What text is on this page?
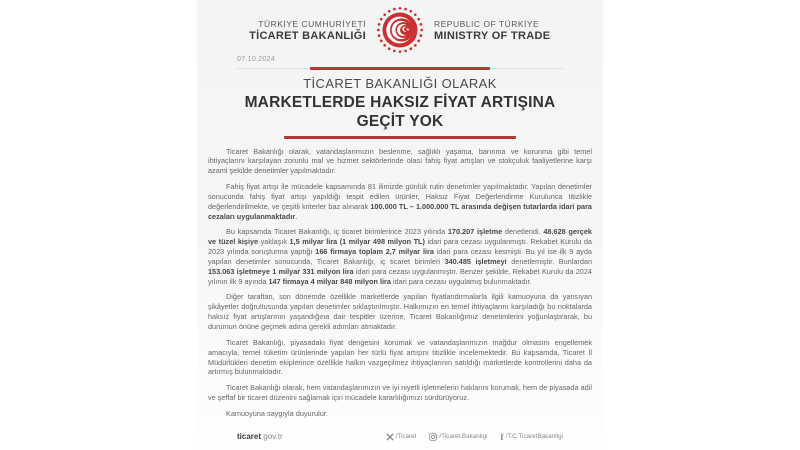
TÜRKİYE CUMHURİYETİ
TİCARET BAKANLIĞI
REPUBLIC OF TÜRKİYE
MINISTRY OF TRADE
07.10.2024
TİCARET BAKANLIĞI OLARAK
MARKETLERDE HAKSIZ FİYAT ARTIŞINA
GEÇİT YOK

Ticaret Bakanlığı olarak, vatandaşlarımızın beslenme, sağlıklı yaşama, barınma ve korunma gibi temel ihtiyaçlarını karşılayan zorunlu mal ve hizmet sektörlerinde olası fahiş fiyat artışları ve stokçuluk faaliyetlerine karşı azami şekilde denetimler yapılmaktadır.

Fahiş fiyat artışı ile mücadele kapsamında 81 ilimizde günlük rutin denetimler yapılmaktadır. Yapılan denetimler sonucunda fahiş fiyat artışı yapıldığı tespit edilen ürünler, Haksız Fiyat Değerlendirme Kurulunca titizlikle değerlendirilmekte, ve çeşitli kriterler baz alınarak 100.000 TL – 1.000.000 TL arasında değişen tutarlarda idari para cezaları uygulanmaktadır.

Bu kapsamda Ticaret Bakanlığı, iç ticaret birimlerince 2023 yılında 170.207 işletme denetlendi. 48.628 gerçek ve tüzel kişiye yaklaşık 1,5 milyar lira (1 milyar 498 milyon TL) idari para cezası uygulanmıştı. Rekabet Kurulu da 2023 yılında soruşturma yaptığı 166 firmaya toplam 2,7 milyar lira idari para cezası kesmişti. Bu yıl ise ilk 9 ayda yapılan denetimler sonucunda, Ticaret Bakanlığı, iç ticaret birimleri 340.485 işletmeyi denetlemiştir. Bunlardan 153.063 işletmeye 1 milyar 331 milyon lira idari para cezası uygulanmıştır. Benzer şekilde, Rekabet Kurulu da 2024 yılının ilk 9 ayında 147 firmaya 4 milyar 848 milyon lira idari para cezası uygulamış bulunmaktadır.

Diğer taraftan, son dönemde özellikle marketlerde yapılan fiyatlandırmalarla ilgili kamuoyuna da yansıyan şikâyetler doğrultusunda yapılan denetimler sıklaştırılmıştır. Halkımızın en temel ihtiyaçlarını karşıladığı bu noktalarda haksız fiyat artışlarının yaşandığına dair tespitler üzerine, Ticaret Bakanlığımız denetimlerini yoğunlaştırarak, bu durumun önüne geçmek adına gerekli adımları atmaktadır.

Ticaret Bakanlığı, piyasadaki fiyat dengesini korumak ve vatandaşlarımızın mağdur olmasını engellemek amacıyla, temel tüketim ürünlerinde yapılan her türlü fiyat artışını titizlikle incelemektedir. Bu kapsamda, Ticaret İl Müdürlükleri denetim ekiplerince özellikle halkın vazgeçilmez ihtiyaçlarının satıldığı marketlerde kontrollerini daha da artırmış bulunmaktadır.

Ticaret Bakanlığı olarak, hem vatandaşlarımızın ve iyi niyetli işletmelerin haklarını korumak, hem de piyasada adil ve şeffaf bir ticaret düzenini sağlamak için mücadele kararlılığımızı sürdürüyoruz.

Kamuoyuna saygıyla duyurulur.

ticaret.gov.tr	/Ticaret	/Ticaret.Bakanligi f /T.C.TicaretBakanligi
